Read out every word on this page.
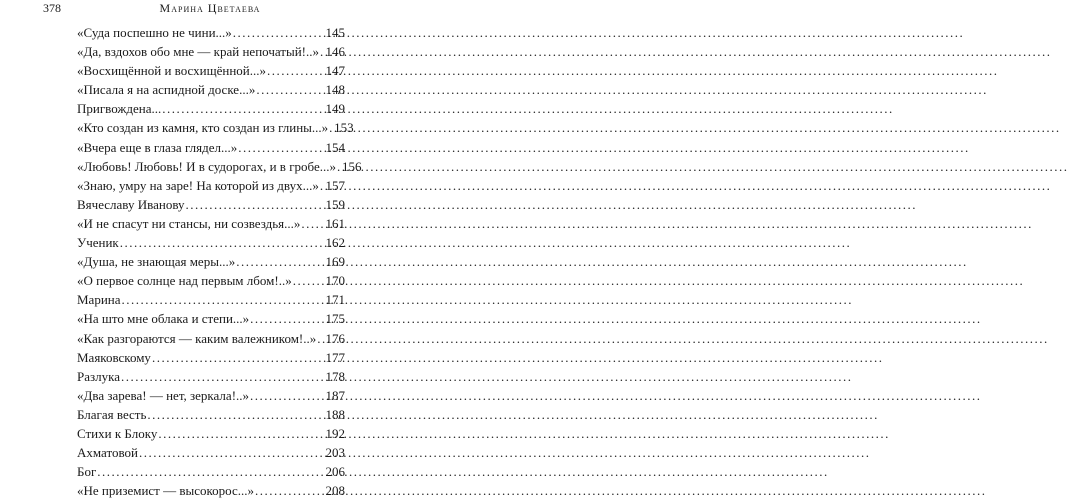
378	Марина Цветаева
«Суда поспешно не чини...» .....	145
«Да, вздохов обо мне — край непочатый!..» ..... 146
«Восхищённой и восхищённой...» .....	147
«Писала я на аспидной доске...» .....	148
Пригвождена... .....	149
«Кто создан из камня, кто создан из глины...» ..... 153
«Вчера еще в глаза глядел...» .....	154
«Любовь! Любовь! И в судорогах, и в гробе...» ..... 156
«Знаю, умру на заре! На которой из двух...» ..... 157
Вячеславу Иванову .....	159
«И не спасут ни стансы, ни созвездья...» ..... 161
Ученик .....	162
«Душа, не знающая меры...» .....	169
«О первое солнце над первым лбом!..» .....	170
Марина .....	171
«На што мне облака и степи...» .....	175
«Как разгораются — каким валежником!..» ..... 176
Маяковскому .....	177
Разлука .....	178
«Два зарева! — нет, зеркала!..» .....	187
Благая весть .....	188
Стихи к Блоку .....	192
Ахматовой .....	203
Бог .....	206
«Не приземист — высокорос...» .....	208
